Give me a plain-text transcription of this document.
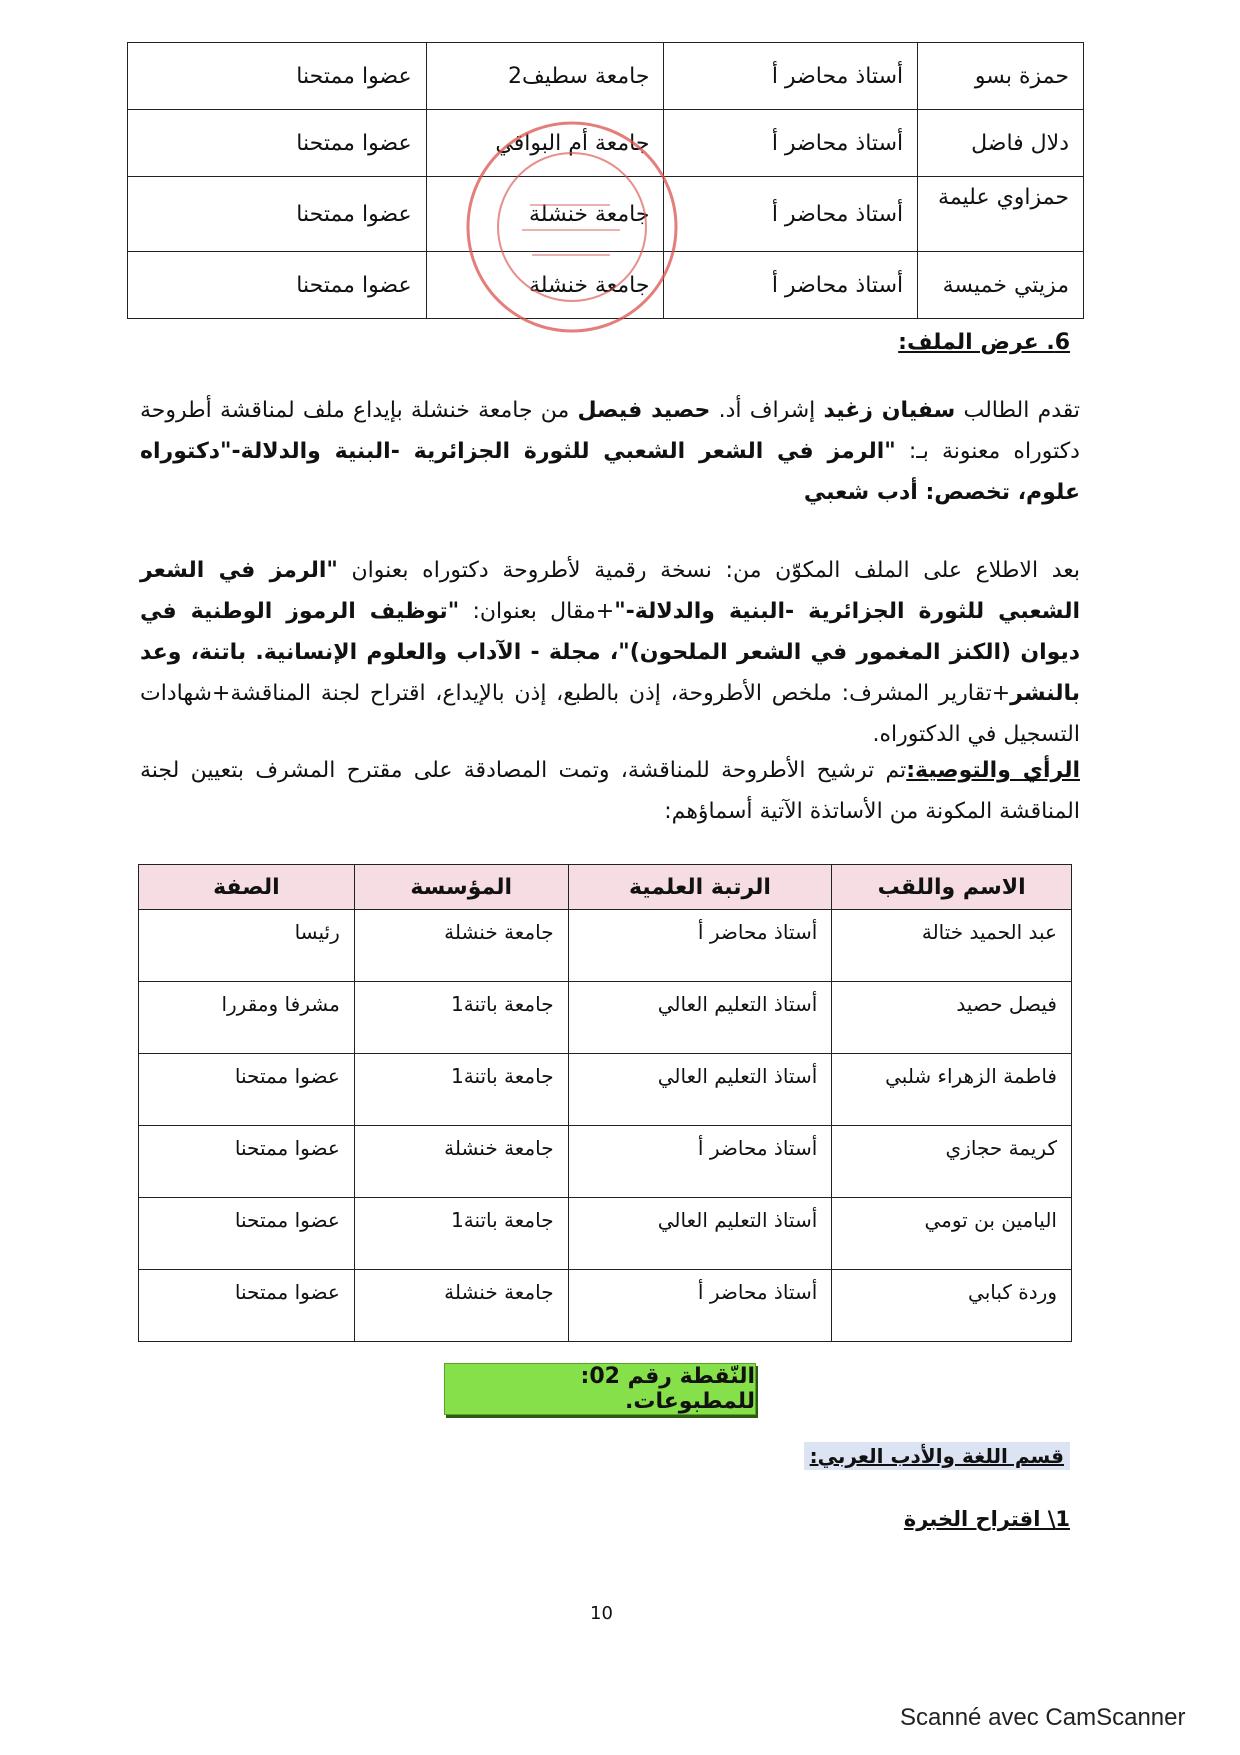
حمزة بسو	أستاذ محاضر أ	جامعة سطيف2	عضوا ممتحنا
دلال فاضل	أستاذ محاضر أ	جامعة أم البواقي	عضوا ممتحنا
حمزاوي عليمة	أستاذ محاضر أ	جامعة خنشلة	عضوا ممتحنا
مزيتي خميسة	أستاذ محاضر أ	جامعة خنشلة	عضوا ممتحنا
6. عرض الملف:
تقدم الطالب سفيان زغيد إشراف أد. حصيد فيصل من جامعة خنشلة بإيداع ملف لمناقشة أطروحة دكتوراه معنونة بـ: "الرمز في الشعر الشعبي للثورة الجزائرية -البنية والدلالة-"دكتوراه علوم، تخصص: أدب شعبي
بعد الاطلاع على الملف المكوّن من: نسخة رقمية لأطروحة دكتوراه بعنوان "الرمز في الشعر الشعبي للثورة الجزائرية -البنية والدلالة-"+مقال بعنوان: "توظيف الرموز الوطنية في ديوان (الكنز المغمور في الشعر الملحون)"، مجلة - الآداب والعلوم الإنسانية. باتنة، وعد بالنشر+تقارير المشرف: ملخص الأطروحة، إذن بالطبع، إذن بالإيداع، اقتراح لجنة المناقشة+شهادات التسجيل في الدكتوراه.
الرأي والتوصية:تم ترشيح الأطروحة للمناقشة، وتمت المصادقة على مقترح المشرف بتعيين لجنة المناقشة المكونة من الأساتذة الآتية أسماؤهم:
الاسم واللقب	الرتبة العلمية	المؤسسة	الصفة
عبد الحميد ختالة	أستاذ محاضر أ	جامعة خنشلة	رئيسا
فيصل حصيد	أستاذ التعليم العالي	جامعة باتنة1	مشرفا ومقررا
فاطمة الزهراء شلبي	أستاذ التعليم العالي	جامعة باتنة1	عضوا ممتحنا
كريمة حجازي	أستاذ محاضر أ	جامعة خنشلة	عضوا ممتحنا
اليامين بن تومي	أستاذ التعليم العالي	جامعة باتنة1	عضوا ممتحنا
وردة كبابي	أستاذ محاضر أ	جامعة خنشلة	عضوا ممتحنا
النّقطة رقم 02: للمطبوعات.
قسم اللغة والأدب العربي:
1\ اقتراح الخبرة
10
Scanné avec CamScanner
